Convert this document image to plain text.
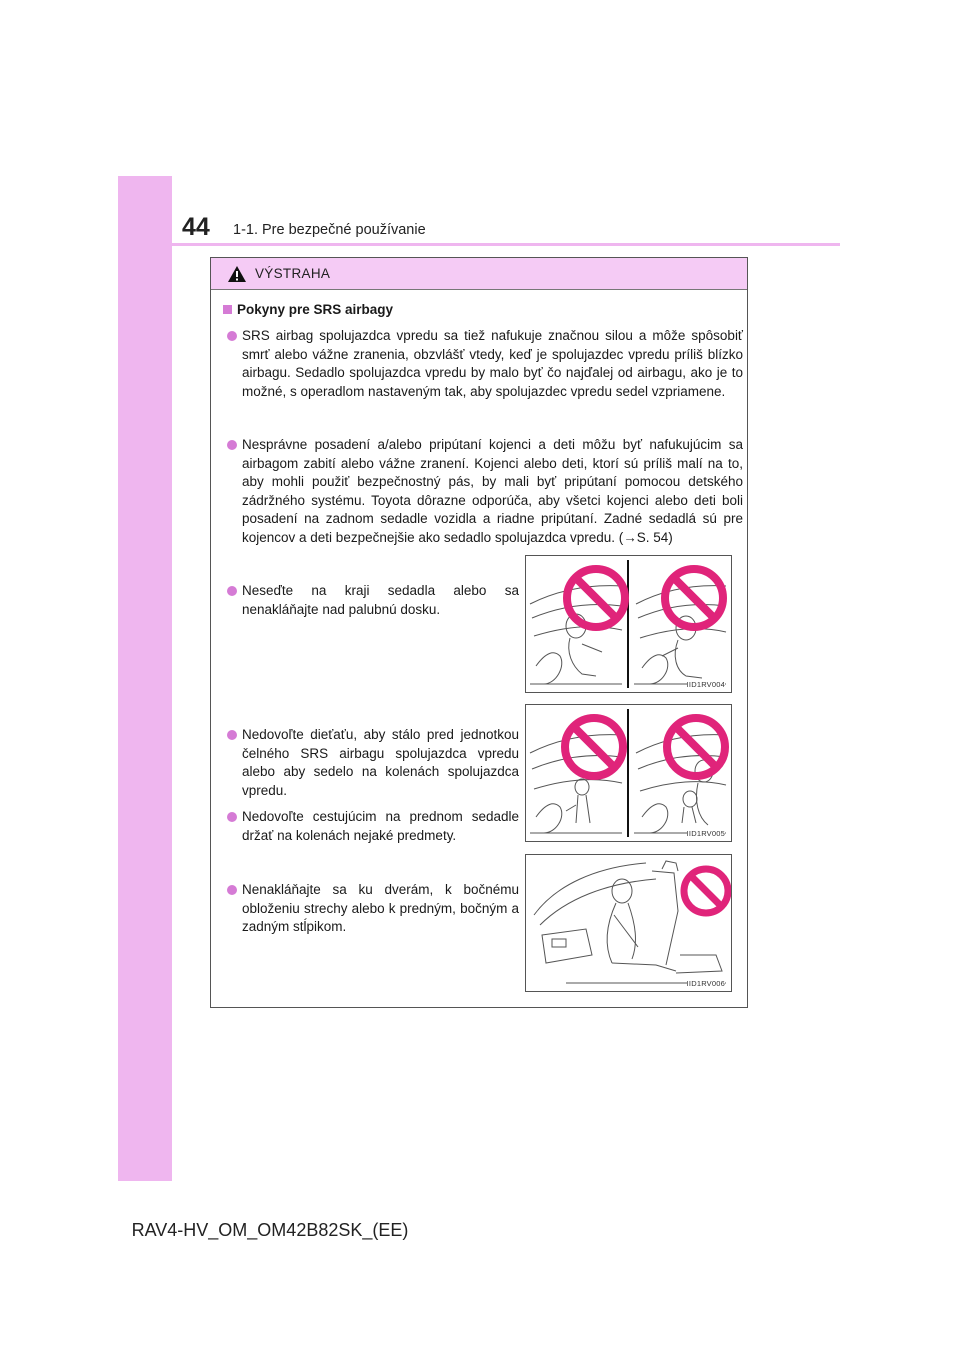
44 1-1. Pre bezpečné používanie
VÝSTRAHA
Pokyny pre SRS airbagy
SRS airbag spolujazdca vpredu sa tiež nafukuje značnou silou a môže spôsobiť smrť alebo vážne zranenia, obzvlášť vtedy, keď je spolujazdec vpredu príliš blízko airbagu. Sedadlo spolujazdca vpredu by malo byť čo najďalej od airbagu, ako je to možné, s operadlom nastaveným tak, aby spolujazdec vpredu sedel vzpriamene.
Nesprávne posadení a/alebo pripútaní kojenci a deti môžu byť nafukujúcim sa airbagom zabití alebo vážne zranení. Kojenci alebo deti, ktorí sú príliš malí na to, aby mohli použiť bezpečnostný pás, by mali byť pripútaní pomocou detského zádržného systému. Toyota dôrazne odporúča, aby všetci kojenci alebo deti boli posadení na zadnom sedadle vozidla a riadne pripútaní. Zadné sedadlá sú pre kojencov a deti bezpečnejšie ako sedadlo spolujazdca vpredu. (→S. 54)
Neseďte na kraji sedadla alebo sa nenakláňajte nad palubnú dosku.
Nedovoľte dieťaťu, aby stálo pred jednotkou čelného SRS airbagu spolujazdca vpredu alebo aby sedelo na kolenách spolujazdca vpredu.
Nedovoľte cestujúcim na prednom sedadle držať na kolenách nejaké predmety.
Nenakláňajte sa ku dverám, k bočnému obloženiu strechy alebo k predným, bočným a zadným stĺpikom.
IID1RV004
IID1RV005
IID1RV006
RAV4-HV_OM_OM42B82SK_(EE)
